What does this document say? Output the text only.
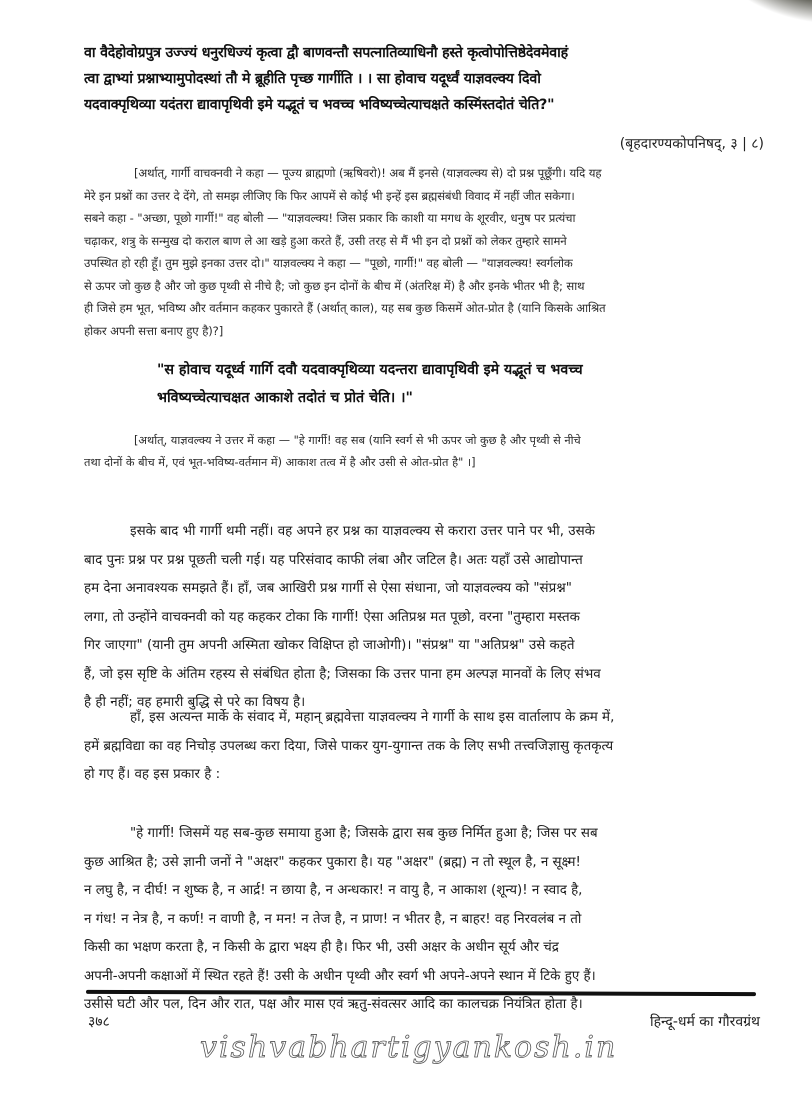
वा वैदेहोवोग्रपुत्र उज्ज्यं धनुरधिज्यं कृत्वा द्वौ बाणवन्तौ सपत्नातिव्याधिनौ हस्ते कृत्वोपोत्तिष्ठेदेवमेवाहं
त्वा द्वाभ्यां प्रश्नाभ्यामुपोदस्थां तौ मे ब्रूहीति पृच्छ गार्गीति । । सा होवाच यदूर्ध्वं याज्ञवल्क्य दिवो
यदवाक्पृथिव्या यदंतरा द्यावापृथिवी इमे यद्भूतं च भवच्च भविष्यच्चेत्याचक्षते कस्मिंस्तदोतं चेति?"
(बृहदारण्यकोपनिषद्, ३ | ८)
[अर्थात्, गार्गी वाचक्नवी ने कहा — पूज्य ब्राह्मणो (ऋषिवरो)! अब मैं इनसे (याज्ञवल्क्य से) दो प्रश्न पूछूँगी। यदि यह
मेरे इन प्रश्नों का उत्तर दे देंगे, तो समझ लीजिए कि फिर आपमें से कोई भी इन्हें इस ब्रह्मसंबंधी विवाद में नहीं जीत सकेगा।
सबने कहा - "अच्छा, पूछो गार्गी!" वह बोली — "याज्ञवल्क्य! जिस प्रकार कि काशी या मगध के शूरवीर, धनुष पर प्रत्यंचा
चढ़ाकर, शत्रु के सन्मुख दो कराल बाण ले आ खड़े हुआ करते हैं, उसी तरह से मैं भी इन दो प्रश्नों को लेकर तुम्हारे सामने
उपस्थित हो रही हूँ। तुम मुझे इनका उत्तर दो।" याज्ञवल्क्य ने कहा — "पूछो, गार्गी!" वह बोली — "याज्ञवल्क्य! स्वर्गलोक
से ऊपर जो कुछ है और जो कुछ पृथ्वी से नीचे है; जो कुछ इन दोनों के बीच में (अंतरिक्ष में) है और इनके भीतर भी है; साथ
ही जिसे हम भूत, भविष्य और वर्तमान कहकर पुकारते हैं (अर्थात् काल), यह सब कुछ किसमें ओत-प्रोत है (यानि किसके आश्रित
होकर अपनी सत्ता बनाए हुए है)?]
"स होवाच यदूर्ध्व गार्गि दवौ यदवाक्पृथिव्या यदन्तरा द्यावापृथिवी इमे यद्भूतं च भवच्च
भविष्यच्चेत्याचक्षत आकाशे तदोतं च प्रोतं चेति। ।"
[अर्थात्, याज्ञवल्क्य ने उत्तर में कहा — "हे गार्गी! वह सब (यानि स्वर्ग से भी ऊपर जो कुछ है और पृथ्वी से नीचे
तथा दोनों के बीच में, एवं भूत-भविष्य-वर्तमान में) आकाश तत्व में है और उसी से ओत-प्रोत है" ।]
इसके बाद भी गार्गी थमी नहीं। वह अपने हर प्रश्न का याज्ञवल्क्य से करारा उत्तर पाने पर भी, उसके
बाद पुनः प्रश्न पर प्रश्न पूछती चली गई। यह परिसंवाद काफी लंबा और जटिल है। अतः यहाँ उसे आद्योपान्त
हम देना अनावश्यक समझते हैं। हाँ, जब आखिरी प्रश्न गार्गी से ऐसा संधाना, जो याज्ञवल्क्य को "संप्रश्न"
लगा, तो उन्होंने वाचक्नवी को यह कहकर टोका कि गार्गी! ऐसा अतिप्रश्न मत पूछो, वरना "तुम्हारा मस्तक
गिर जाएगा" (यानी तुम अपनी अस्मिता खोकर विक्षिप्त हो जाओगी)। "संप्रश्न" या "अतिप्रश्न" उसे कहते
हैं, जो इस सृष्टि के अंतिम रहस्य से संबंधित होता है; जिसका कि उत्तर पाना हम अल्पज्ञ मानवों के लिए संभव
है ही नहीं; वह हमारी बुद्धि से परे का विषय है।
हाँ, इस अत्यन्त मार्के के संवाद में, महान् ब्रह्मवेत्ता याज्ञवल्क्य ने गार्गी के साथ इस वार्तालाप के क्रम में,
हमें ब्रह्मविद्या का वह निचोड़ उपलब्ध करा दिया, जिसे पाकर युग-युगान्त तक के लिए सभी तत्त्वजिज्ञासु कृतकृत्य
हो गए हैं। वह इस प्रकार है :
"हे गार्गी! जिसमें यह सब-कुछ समाया हुआ है; जिसके द्वारा सब कुछ निर्मित हुआ है; जिस पर सब
कुछ आश्रित है; उसे ज्ञानी जनों ने "अक्षर" कहकर पुकारा है। यह "अक्षर" (ब्रह्म) न तो स्थूल है, न सूक्ष्म!
न लघु है, न दीर्घ! न शुष्क है, न आर्द्र! न छाया है, न अन्धकार! न वायु है, न आकाश (शून्य)! न स्वाद है,
न गंध! न नेत्र है, न कर्ण! न वाणी है, न मन! न तेज है, न प्राण! न भीतर है, न बाहर! वह निरवलंब न तो
किसी का भक्षण करता है, न किसी के द्वारा भक्ष्य ही है। फिर भी, उसी अक्षर के अधीन सूर्य और चंद्र
अपनी-अपनी कक्षाओं में स्थित रहते हैं! उसी के अधीन पृथ्वी और स्वर्ग भी अपने-अपने स्थान में टिके हुए हैं।
उसीसे घटी और पल, दिन और रात, पक्ष और मास एवं ऋतु-संवत्सर आदि का कालचक्र नियंत्रित होता है।
३७८	हिन्दू-धर्म का गौरवग्रंथ
vishvabhartigyankosh.in
